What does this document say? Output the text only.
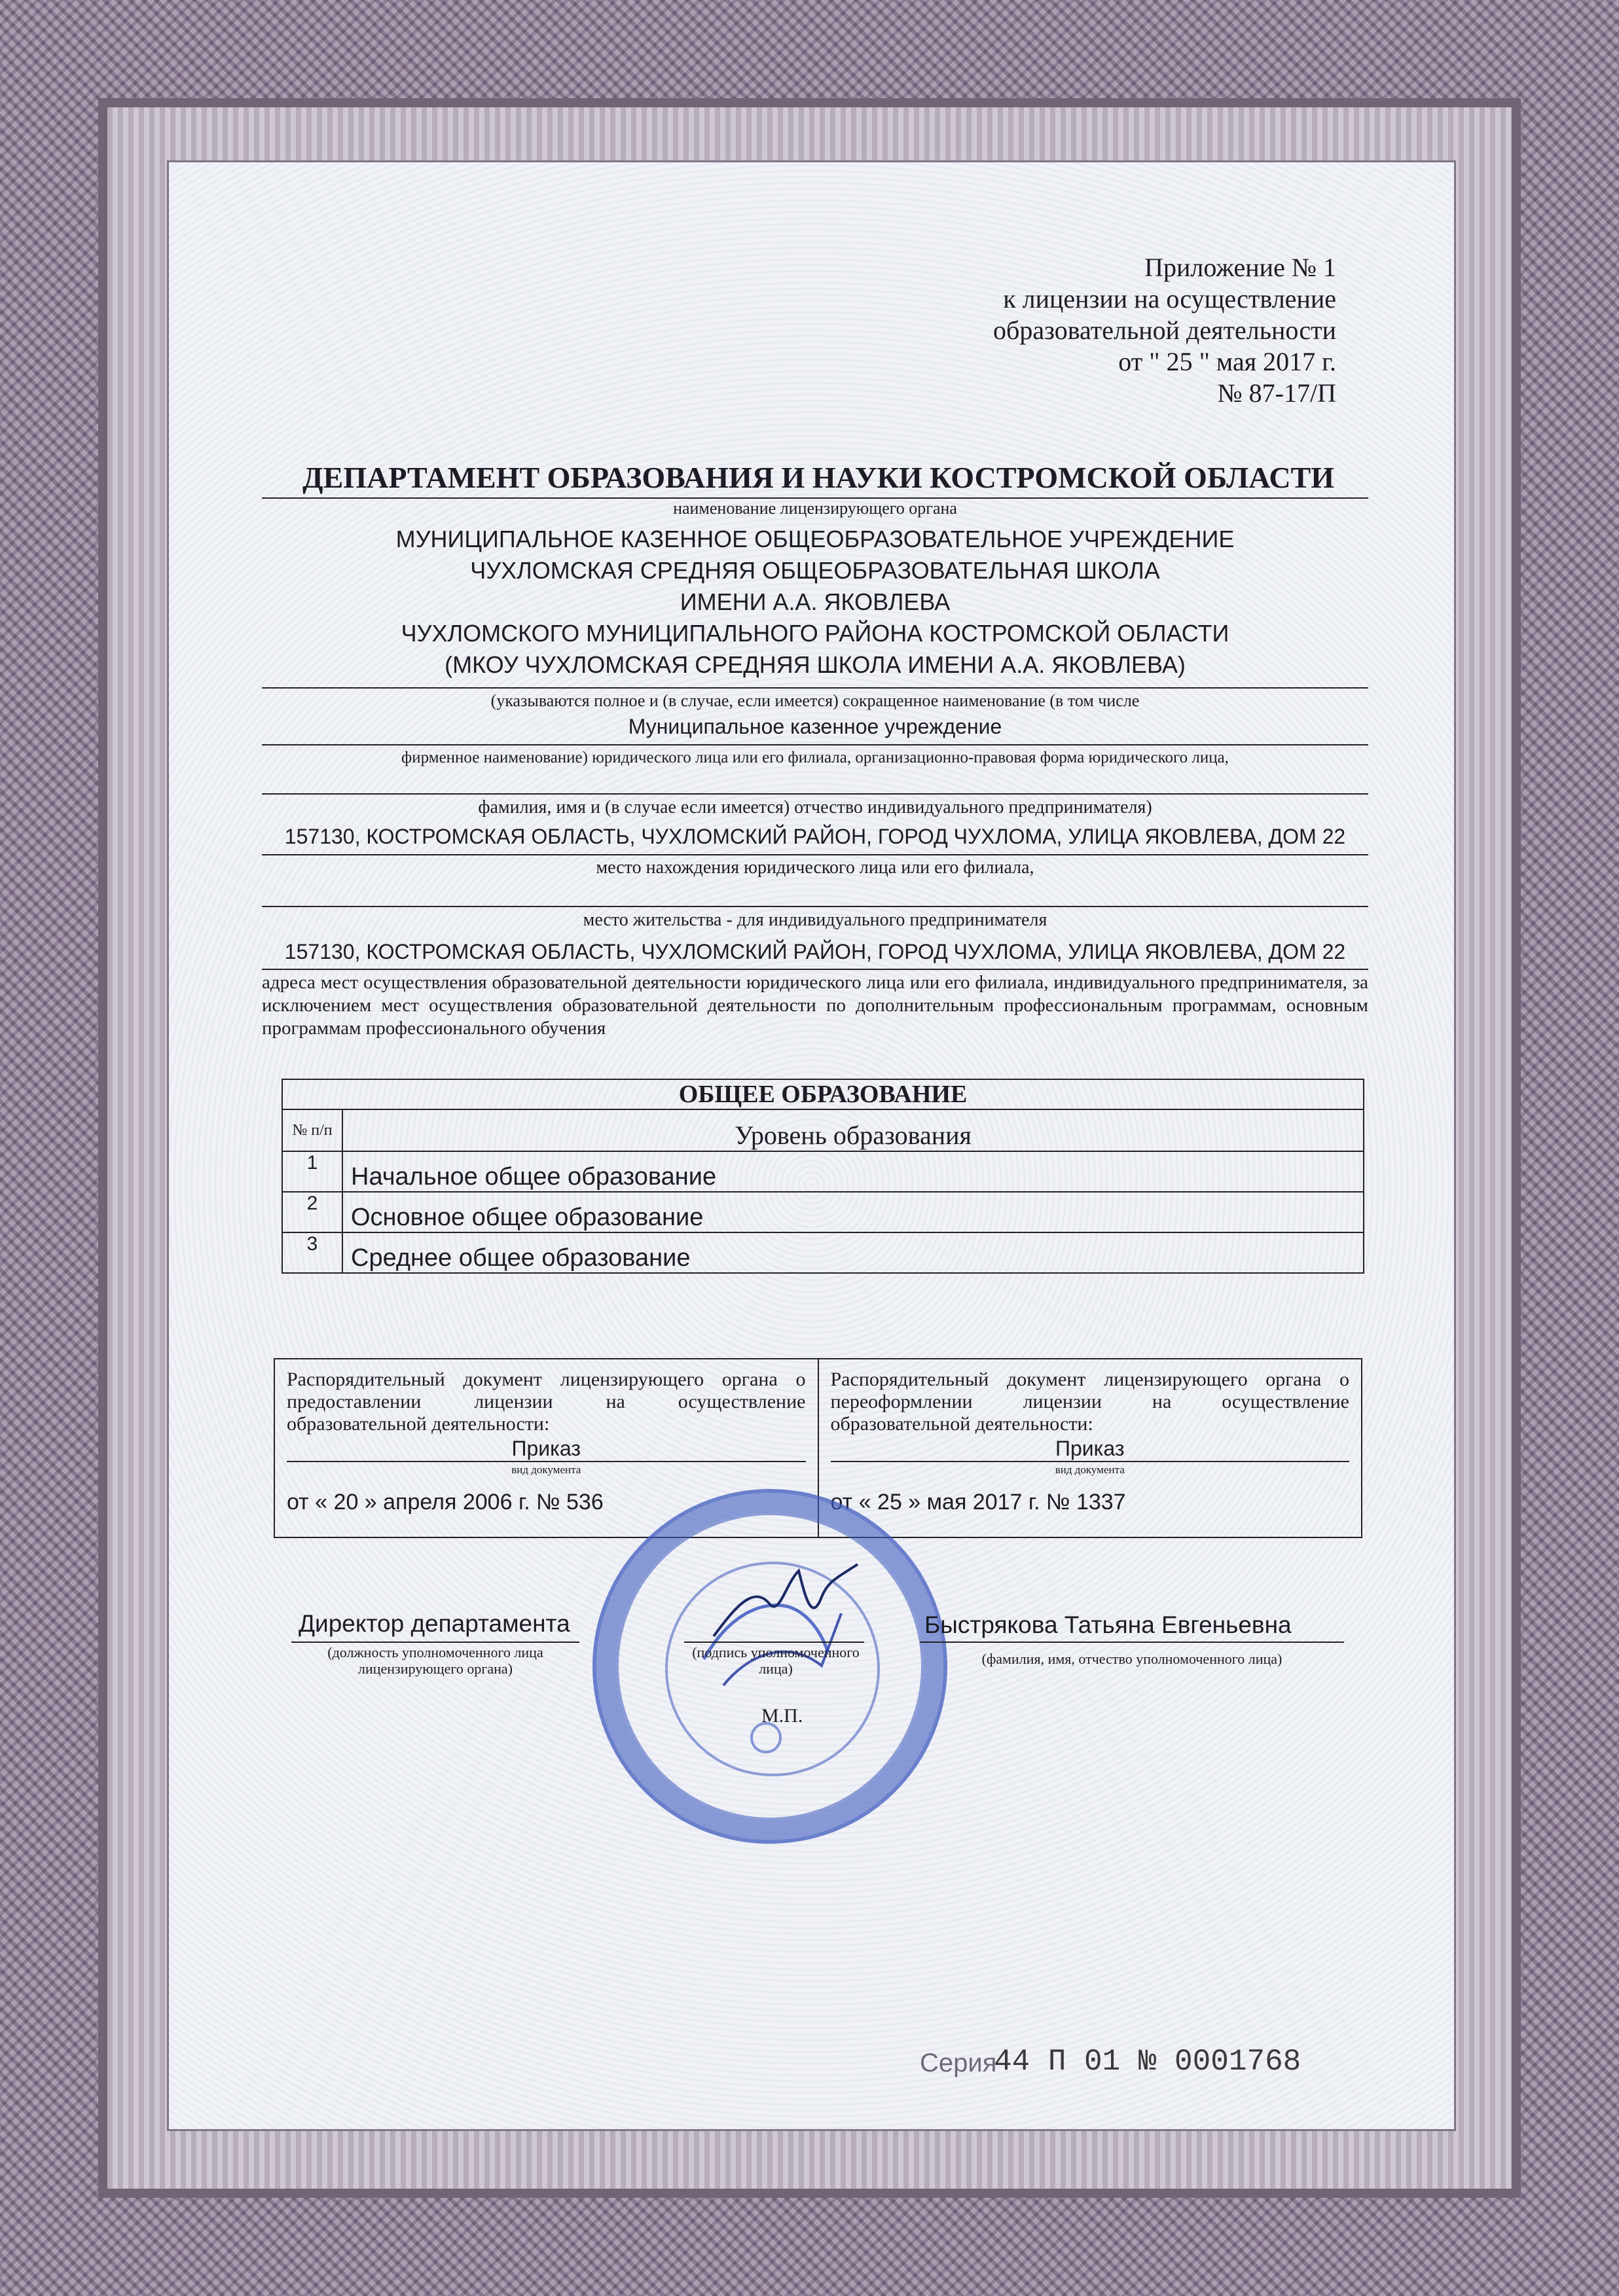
Приложение № 1
к лицензии на осуществление
образовательной деятельности
от " 25 " мая 2017 г.
№ 87-17/П
ДЕПАРТАМЕНТ ОБРАЗОВАНИЯ И НАУКИ КОСТРОМСКОЙ ОБЛАСТИ
наименование лицензирующего органа
МУНИЦИПАЛЬНОЕ КАЗЕННОЕ ОБЩЕОБРАЗОВАТЕЛЬНОЕ УЧРЕЖДЕНИЕ
ЧУХЛОМСКАЯ СРЕДНЯЯ ОБЩЕОБРАЗОВАТЕЛЬНАЯ ШКОЛА
ИМЕНИ А.А. ЯКОВЛЕВА
ЧУХЛОМСКОГО МУНИЦИПАЛЬНОГО РАЙОНА КОСТРОМСКОЙ ОБЛАСТИ
(МКОУ ЧУХЛОМСКАЯ СРЕДНЯЯ ШКОЛА ИМЕНИ А.А. ЯКОВЛЕВА)
(указываются полное и (в случае, если имеется) сокращенное наименование (в том числе
Муниципальное казенное учреждение
фирменное наименование) юридического лица или его филиала, организационно-правовая форма юридического лица,
фамилия, имя и (в случае если имеется) отчество индивидуального предпринимателя)
157130, КОСТРОМСКАЯ ОБЛАСТЬ, ЧУХЛОМСКИЙ РАЙОН, ГОРОД ЧУХЛОМА, УЛИЦА ЯКОВЛЕВА, ДОМ 22
место нахождения юридического лица или его филиала,
место жительства - для индивидуального предпринимателя
157130, КОСТРОМСКАЯ ОБЛАСТЬ, ЧУХЛОМСКИЙ РАЙОН, ГОРОД ЧУХЛОМА, УЛИЦА ЯКОВЛЕВА, ДОМ 22
адреса мест осуществления образовательной деятельности юридического лица или его филиала, индивидуального предпринимателя, за исключением мест осуществления образовательной деятельности по дополнительным профессиональным программам, основным программам профессионального обучения
ОБЩЕЕ ОБРАЗОВАНИЕ	
№ п/п	Уровень образования
1	Начальное общее образование
2	Основное общее образование
3	Среднее общее образование
Распорядительный документ лицензирующего органа о предоставлении лицензии на осуществление образовательной деятельности:
Приказ
вид документа
от « 20 » апреля 2006 г. № 536

Распорядительный документ лицензирующего органа о переоформлении лицензии на осуществление образовательной деятельности:
Приказ
вид документа
от « 25 » мая 2017 г. № 1337
Директор департамента
(должность уполномоченного лица лицензирующего органа)
(подпись уполномоченного лица)
Быстрякова Татьяна Евгеньевна
(фамилия, имя, отчество уполномоченного лица)
М.П.
Серия
44 П 01 № 0001768
